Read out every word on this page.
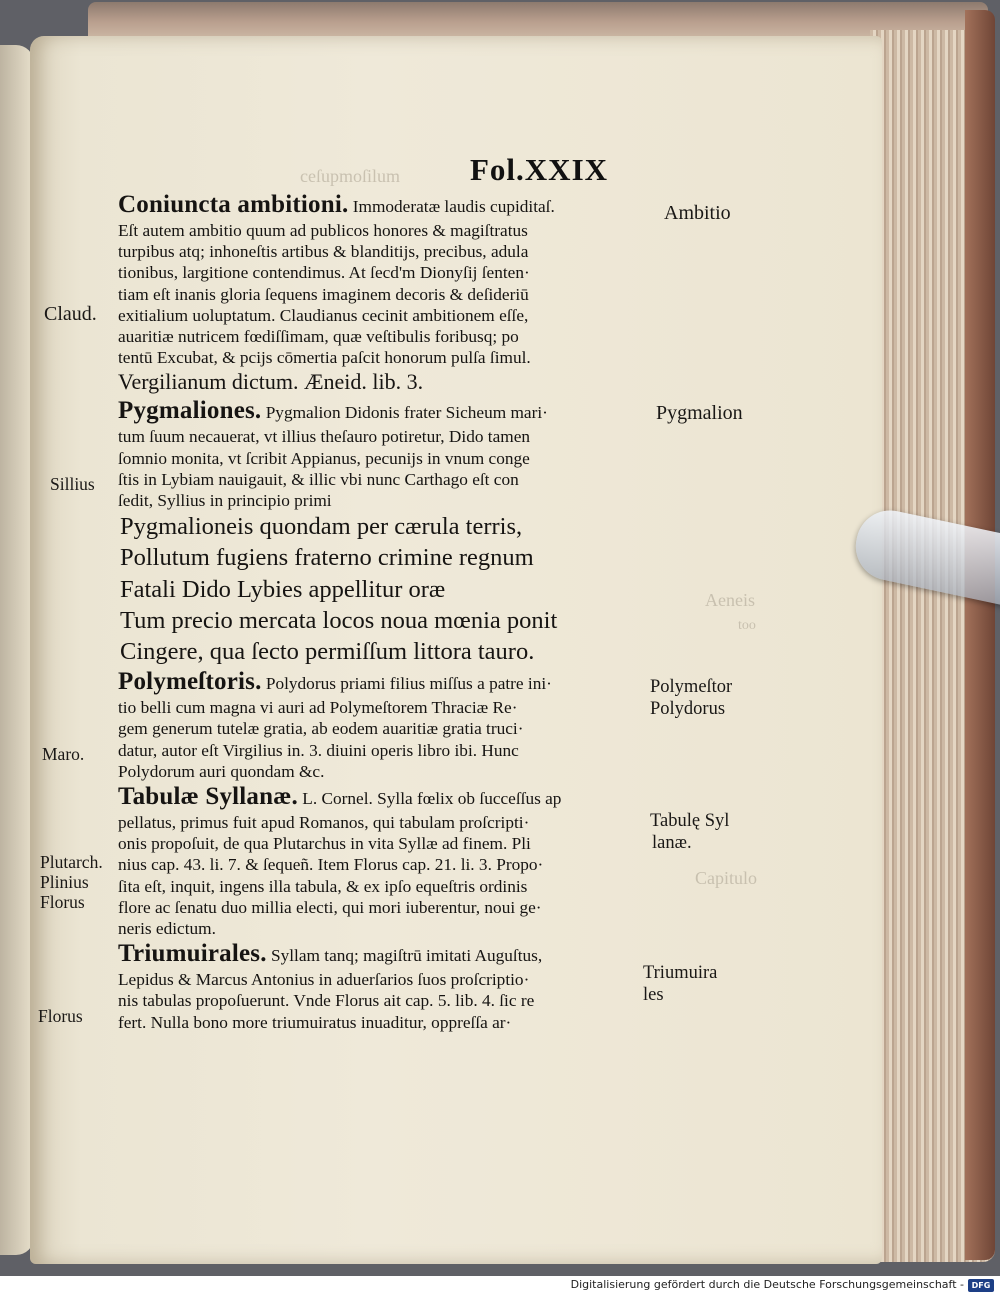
ceſupmoſilum
Aeneis
too
Capitulo
Fol.XXIX
Coniuncta ambitioni. Immoderatæ laudis cupiditaſ.
Eſt autem ambitio quum ad publicos honores & magiſtratus
turpibus atq; inhoneſtis artibus & blanditijs, precibus, adula
tionibus, largitione contendimus. At ſecd'm Dionyſij ſenten·
tiam eſt inanis gloria ſequens imaginem decoris & deſideriū
exitialium uoluptatum. Claudianus cecinit ambitionem eſſe,
auaritiæ nutricem fœdiſſimam, quæ veſtibulis foribusq; po
tentū Excubat, & pcijs cōmertia paſcit honorum pulſa ſimul.
Vergilianum dictum. Æneid. lib. 3.
Pygmaliones. Pygmalion Didonis frater Sicheum mari·
tum ſuum necauerat, vt illius theſauro potiretur, Dido tamen
ſomnio monita, vt ſcribit Appianus, pecunijs in vnum conge
ſtis in Lybiam nauigauit, & illic vbi nunc Carthago eſt con
ſedit, Syllius in principio primi
Pygmalioneis quondam per cærula terris,
Pollutum fugiens fraterno crimine regnum
Fatali Dido Lybies appellitur oræ
Tum precio mercata locos noua mœnia ponit
Cingere, qua ſecto permiſſum littora tauro.
Polymeſtoris. Polydorus priami filius miſſus a patre ini·
tio belli cum magna vi auri ad Polymeſtorem Thraciæ Re·
gem generum tutelæ gratia, ab eodem auaritiæ gratia truci·
datur, autor eſt Virgilius in. 3. diuini operis libro ibi. Hunc
Polydorum auri quondam &c.
Tabulæ Syllanæ. L. Cornel. Sylla fœlix ob ſucceſſus ap
pellatus, primus fuit apud Romanos, qui tabulam proſcripti·
onis propoſuit, de qua Plutarchus in vita Syllæ ad finem. Pli
nius cap. 43. li. 7. & ſequeñ. Item Florus cap. 21. li. 3. Propo·
ſita eſt, inquit, ingens illa tabula, & ex ipſo equeſtris ordinis
flore ac ſenatu duo millia electi, qui mori iuberentur, noui ge·
neris edictum.
Triumuirales. Syllam tanq; magiſtrū imitati Auguſtus,
Lepidus & Marcus Antonius in aduerſarios ſuos proſcriptio·
nis tabulas propoſuerunt. Vnde Florus ait cap. 5. lib. 4. ſic re
fert. Nulla bono more triumuiratus inuaditur, oppreſſa ar·
Claud.
Sillius
Maro.
Plutarch.
Plinius
Florus
Florus
Ambitio
Pygmalion
Polymeſtor
Polydorus
Tabulę Syl
lanæ.
Triumuira
les
Digitalisierung gefördert durch die Deutsche Forschungsgemeinschaft - DFG
